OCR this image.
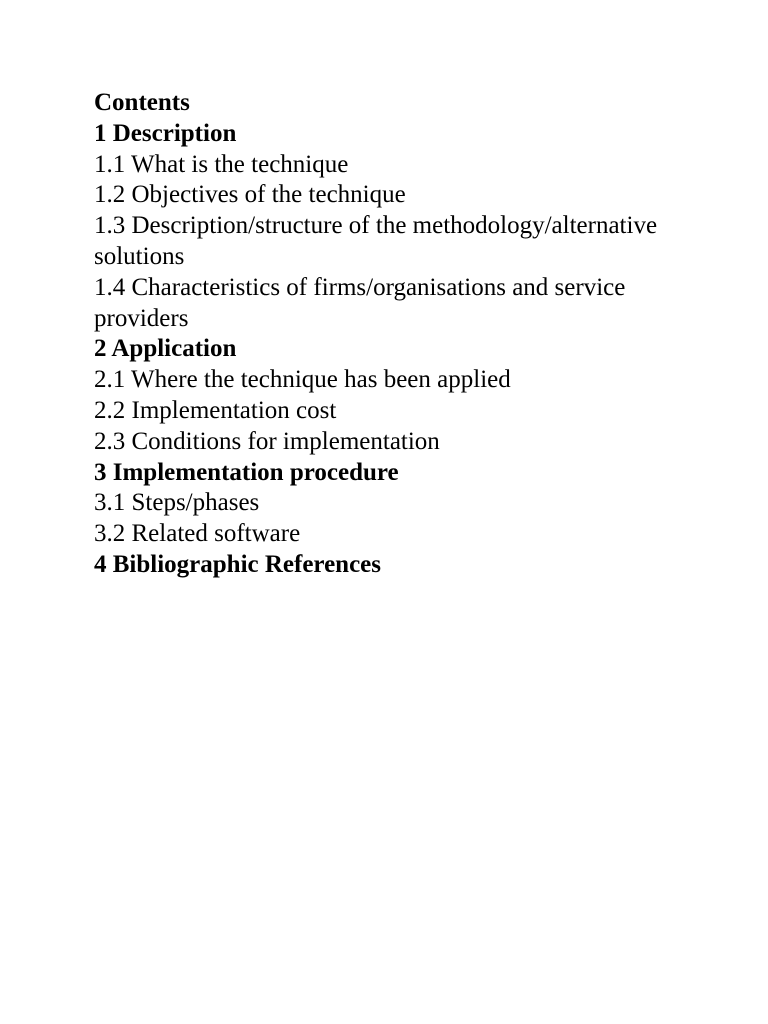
Contents
1 Description
1.1 What is the technique
1.2 Objectives of the technique
1.3 Description/structure of the methodology/alternative solutions
1.4 Characteristics of firms/organisations and service providers
2 Application
2.1 Where the technique has been applied
2.2 Implementation cost
2.3 Conditions for implementation
3 Implementation procedure
3.1 Steps/phases
3.2 Related software
4 Bibliographic References
